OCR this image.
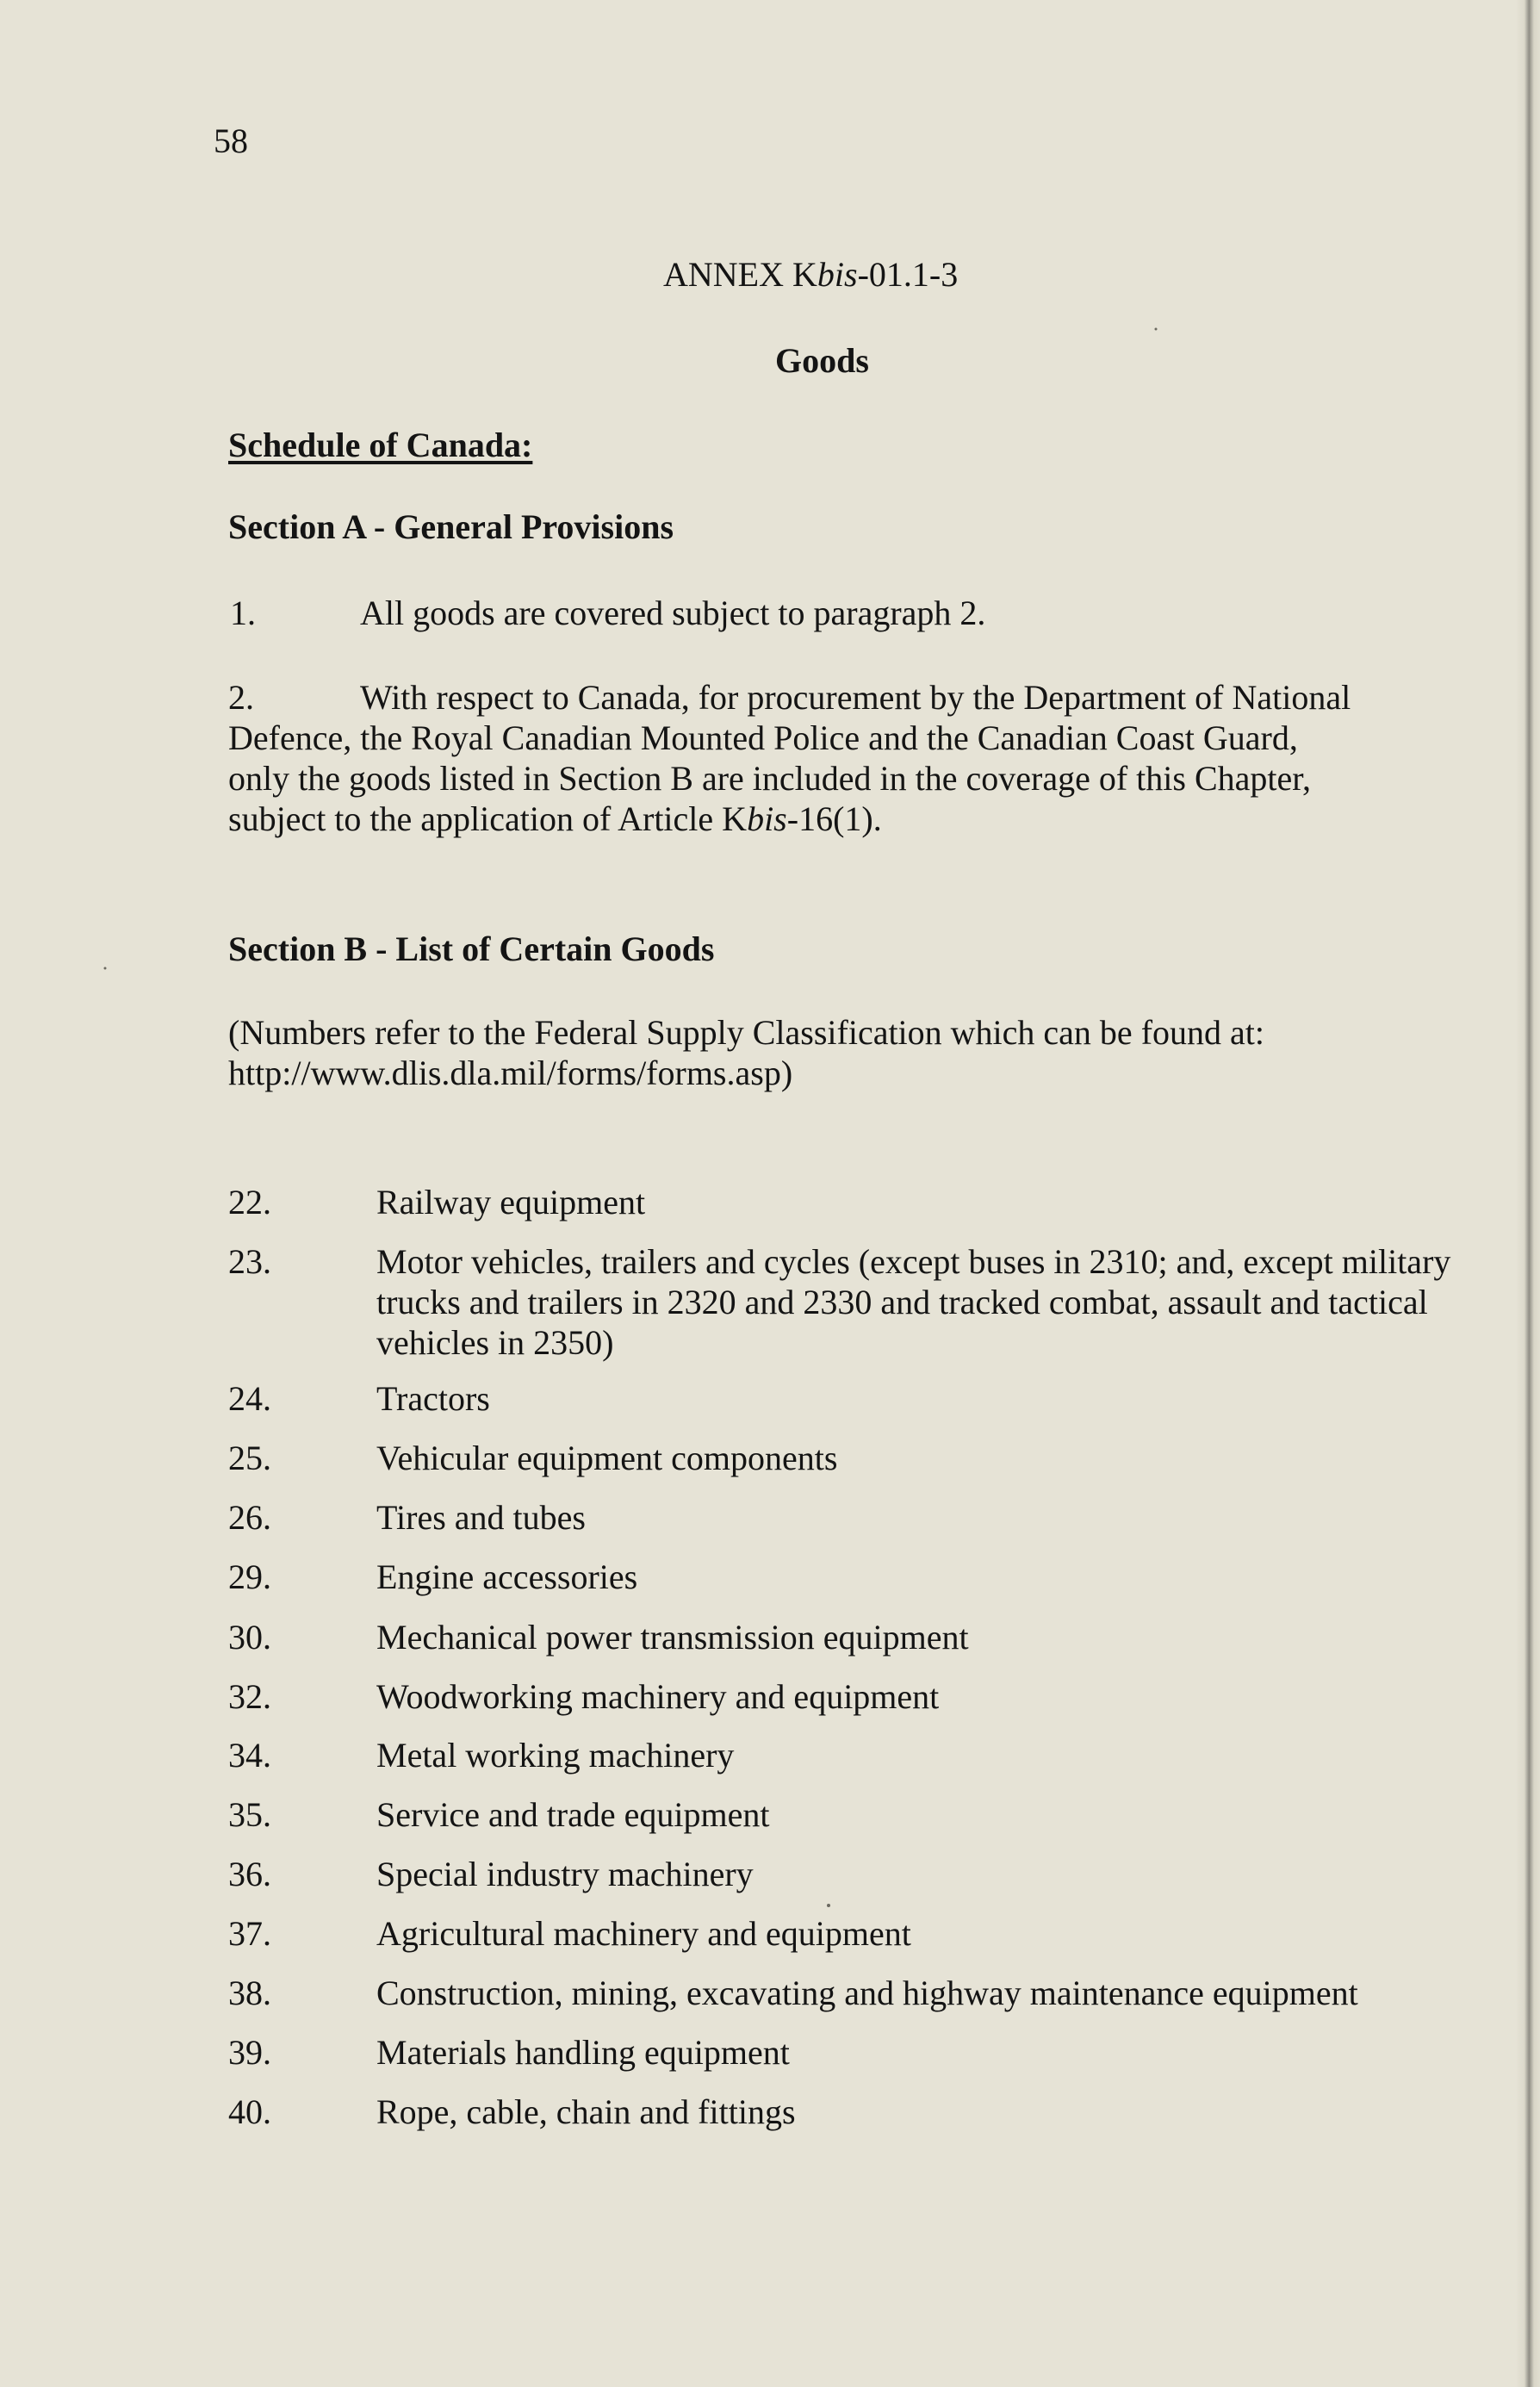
58
ANNEX Kbis-01.1-3
Goods
Schedule of Canada:
Section A - General Provisions
1.	All goods are covered subject to paragraph 2.
2.	With respect to Canada, for procurement by the Department of National
Defence, the Royal Canadian Mounted Police and the Canadian Coast Guard,
only the goods listed in Section B are included in the coverage of this Chapter,
subject to the application of Article Kbis-16(1).
Section B - List of Certain Goods
(Numbers refer to the Federal Supply Classification which can be found at:
http://www.dlis.dla.mil/forms/forms.asp)
22.	Railway equipment
23.	Motor vehicles, trailers and cycles (except buses in 2310; and, except military
trucks and trailers in 2320 and 2330 and tracked combat, assault and tactical
vehicles in 2350)
24.	Tractors
25.	Vehicular equipment components
26.	Tires and tubes
29.	Engine accessories
30.	Mechanical power transmission equipment
32.	Woodworking machinery and equipment
34.	Metal working machinery
35.	Service and trade equipment
36.	Special industry machinery
37.	Agricultural machinery and equipment
38.	Construction, mining, excavating and highway maintenance equipment
39.	Materials handling equipment
40.	Rope, cable, chain and fittings
